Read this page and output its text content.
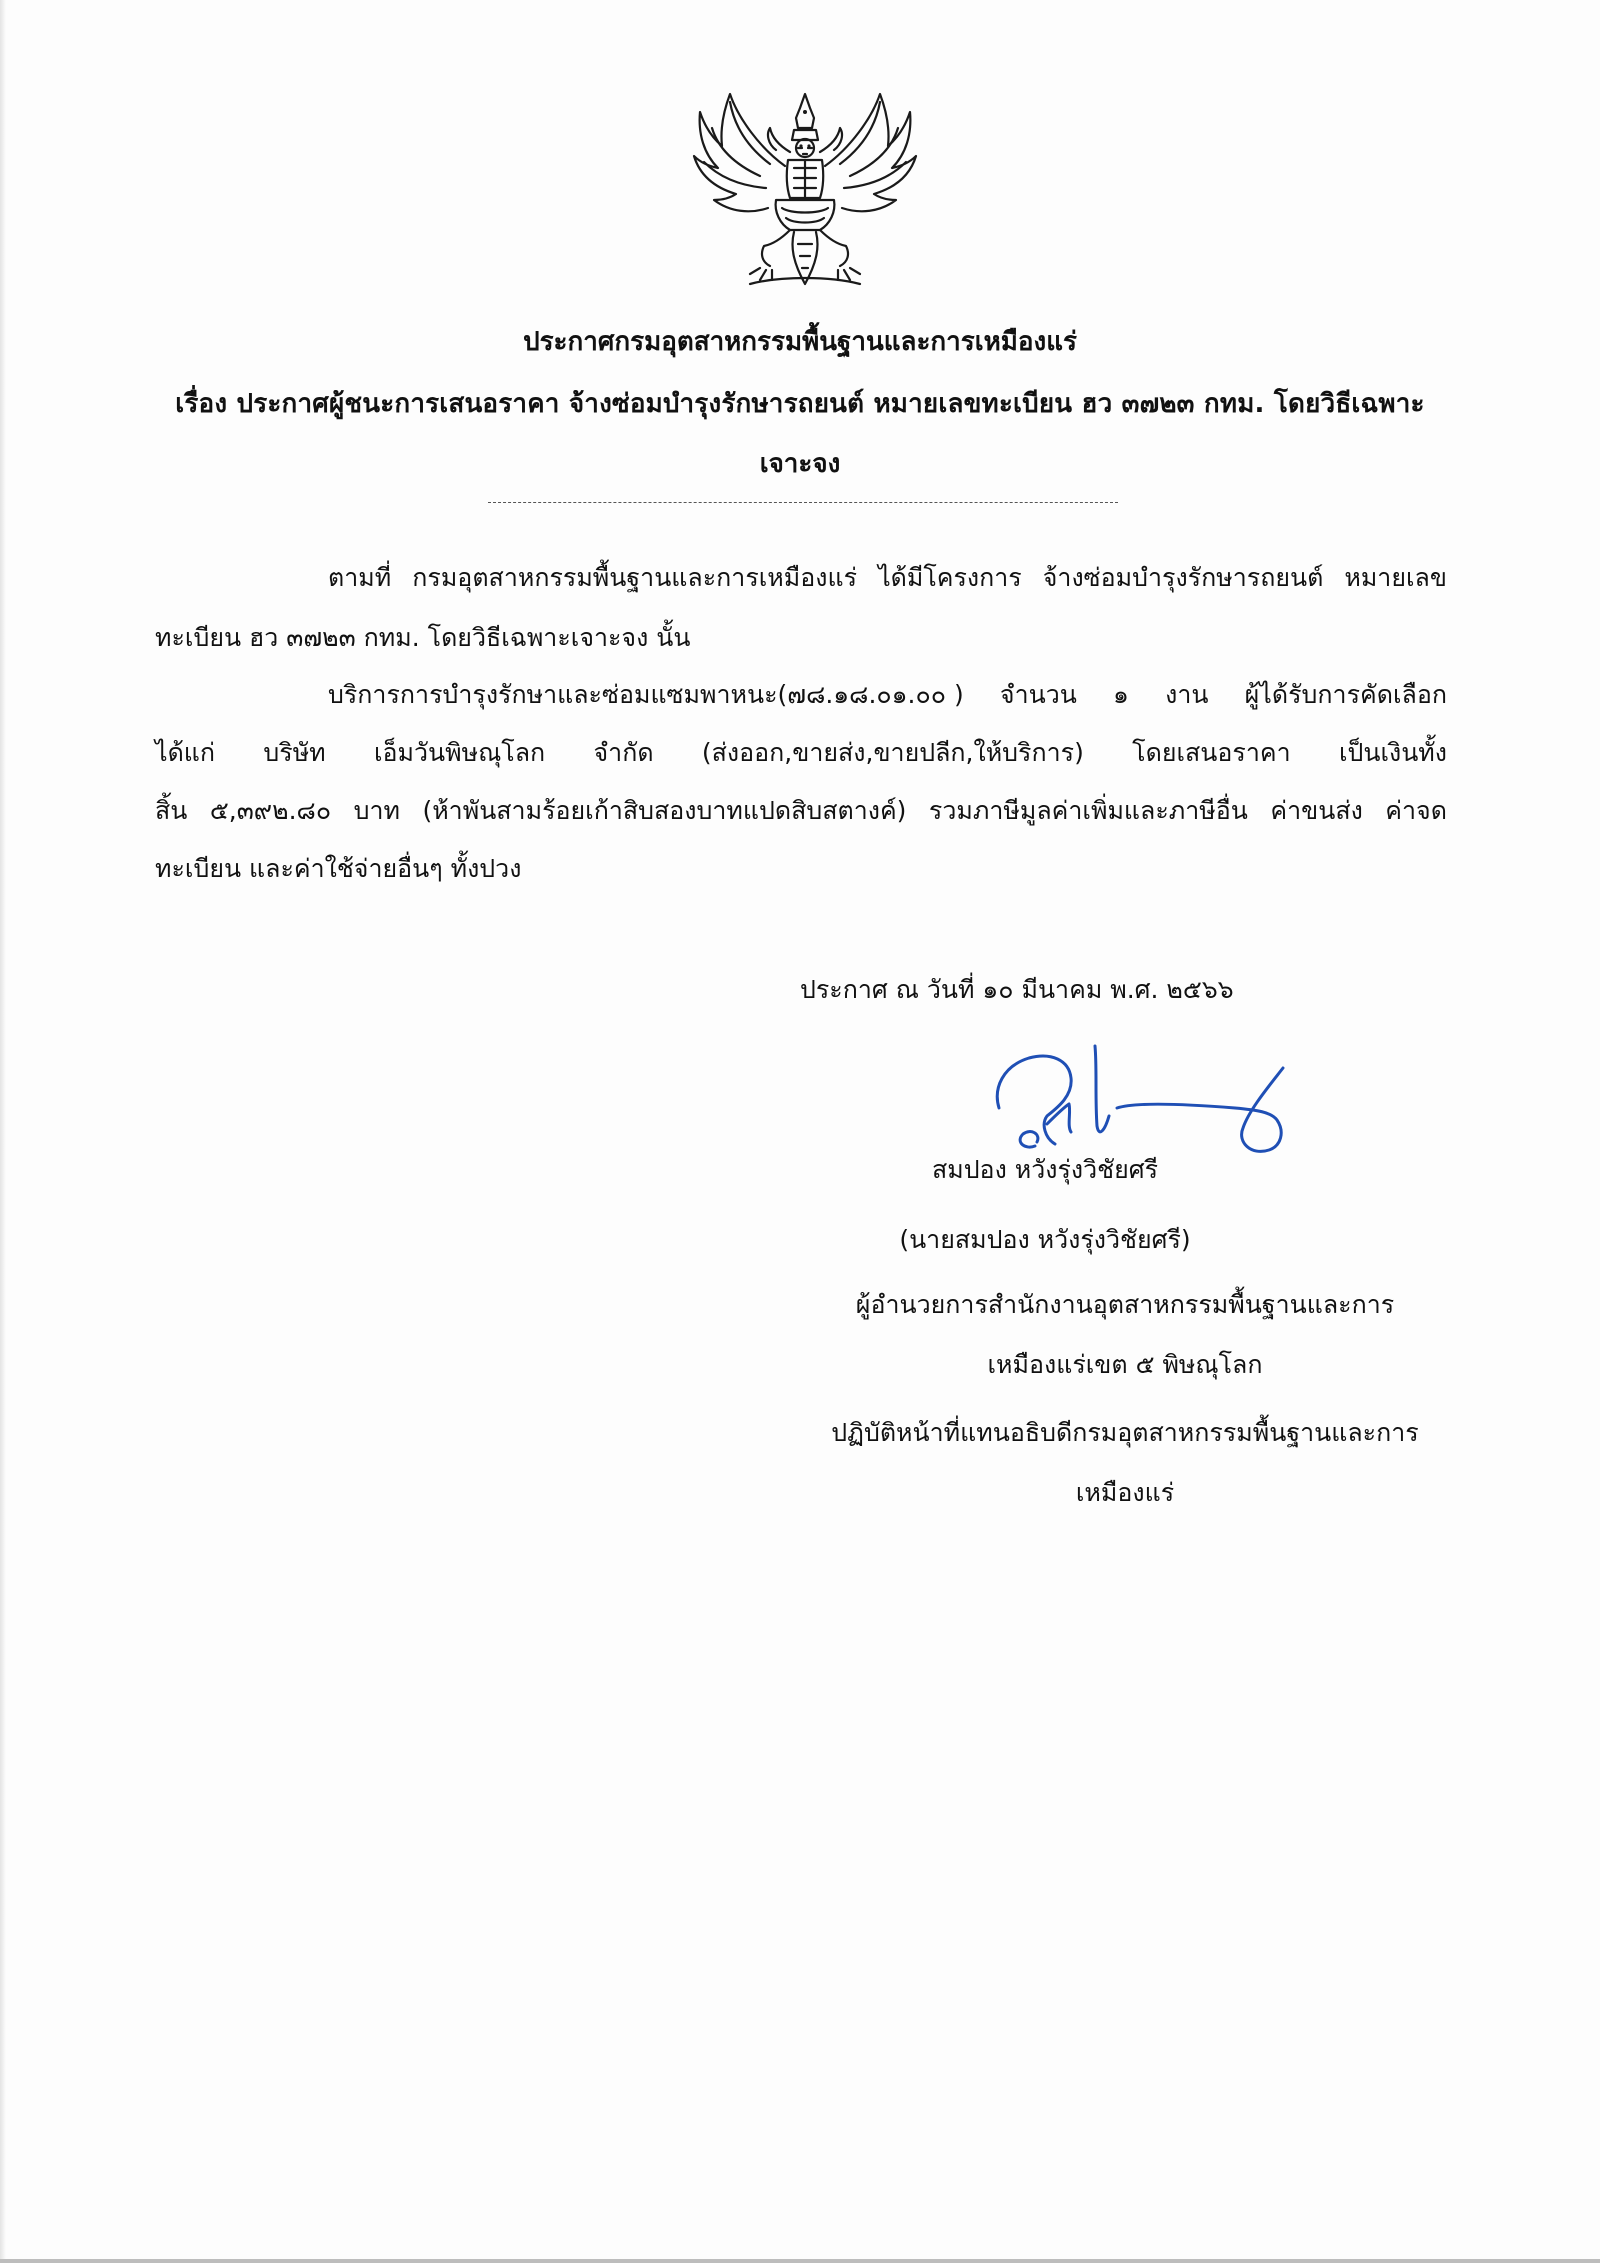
ประกาศกรมอุตสาหกรรมพื้นฐานและการเหมืองแร่
เรื่อง ประกาศผู้ชนะการเสนอราคา จ้างซ่อมบำรุงรักษารถยนต์ หมายเลขทะเบียน ฮว ๓๗๒๓ กทม. โดยวิธีเฉพาะ
เจาะจง
ตามที่ กรมอุตสาหกรรมพื้นฐานและการเหมืองแร่ ได้มีโครงการ จ้างซ่อมบำรุงรักษารถยนต์ หมายเลข
ทะเบียน ฮว ๓๗๒๓ กทม. โดยวิธีเฉพาะเจาะจง นั้น
บริการการบำรุงรักษาและซ่อมแซมพาหนะ(๗๘.๑๘.๐๑.๐๐ ) จำนวน ๑ งาน ผู้ได้รับการคัดเลือก
ได้แก่ บริษัท เอ็มวันพิษณุโลก จำกัด (ส่งออก,ขายส่ง,ขายปลีก,ให้บริการ) โดยเสนอราคา เป็นเงินทั้ง
สิ้น ๕,๓๙๒.๘๐ บาท (ห้าพันสามร้อยเก้าสิบสองบาทแปดสิบสตางค์) รวมภาษีมูลค่าเพิ่มและภาษีอื่น ค่าขนส่ง ค่าจด
ทะเบียน และค่าใช้จ่ายอื่นๆ ทั้งปวง
ประกาศ ณ วันที่ ๑๐ มีนาคม พ.ศ. ๒๕๖๖
สมปอง หวังรุ่งวิชัยศรี
(นายสมปอง หวังรุ่งวิชัยศรี)
ผู้อำนวยการสำนักงานอุตสาหกรรมพื้นฐานและการ
เหมืองแร่เขต ๕ พิษณุโลก
ปฏิบัติหน้าที่แทนอธิบดีกรมอุตสาหกรรมพื้นฐานและการ
เหมืองแร่
